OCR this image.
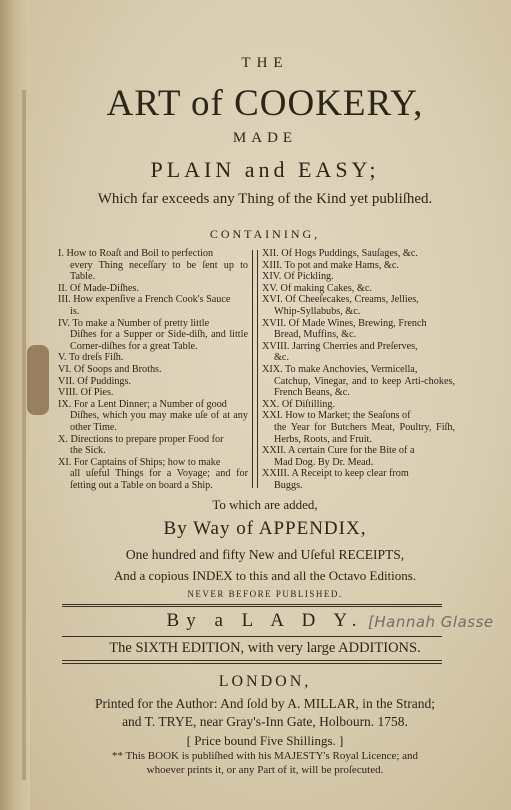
THE
ART of COOKERY,
MADE
PLAIN and EASY;
Which far exceeds any Thing of the Kind yet publiſhed.
CONTAINING,
I. How to Roaſt and Boil to perfection
every Thing neceſſary to be ſent up to Table.
II. Of Made-Diſhes.
III. How expenſive a French Cook's Sauce
is.
IV. To make a Number of pretty little
Diſhes for a Supper or Side-diſh, and little Corner-diſhes for a great Table.
V. To dreſs Fiſh.
VI. Of Soops and Broths.
VII. Of Puddings.
VIII. Of Pies.
IX. For a Lent Dinner; a Number of good
Diſhes, which you may make uſe of at any other Time.
X. Directions to prepare proper Food for
the Sick.
XI. For Captains of Ships; how to make
all uſeful Things for a Voyage; and for ſetting out a Table on board a Ship.
XII. Of Hogs Puddings, Sauſages, &c.
XIII. To pot and make Hams, &c.
XIV. Of Pickling.
XV. Of making Cakes, &c.
XVI. Of Cheeſecakes, Creams, Jellies,
Whip-Syllabubs, &c.
XVII. Of Made Wines, Brewing, French
Bread, Muffins, &c.
XVIII. Jarring Cherries and Preſerves,
&c.
XIX. To make Anchovies, Vermicella,
Catchup, Vinegar, and to keep Arti-chokes, French Beans, &c.
XX. Of Diſtilling.
XXI. How to Market; the Seaſons of
the Year for Butchers Meat, Poultry, Fiſh, Herbs, Roots, and Fruit.
XXII. A certain Cure for the Bite of a
Mad Dog. By Dr. Mead.
XXIII. A Receipt to keep clear from
Buggs.
To which are added,
By Way of APPENDIX,
One hundred and fifty New and Uſeful RECEIPTS,
And a copious INDEX to this and all the Octavo Editions.
NEVER BEFORE PUBLISHED.
By a L A D Y. [Hannah Glasse
The SIXTH EDITION, with very large ADDITIONS.
LONDON,
Printed for the Author: And ſold by A. MILLAR, in the Strand;
and T. TRYE, near Gray's-Inn Gate, Holbourn. 1758.
[ Price bound Five Shillings. ]
** This BOOK is publiſhed with his MAJESTY's Royal Licence; and
whoever prints it, or any Part of it, will be proſecuted.
